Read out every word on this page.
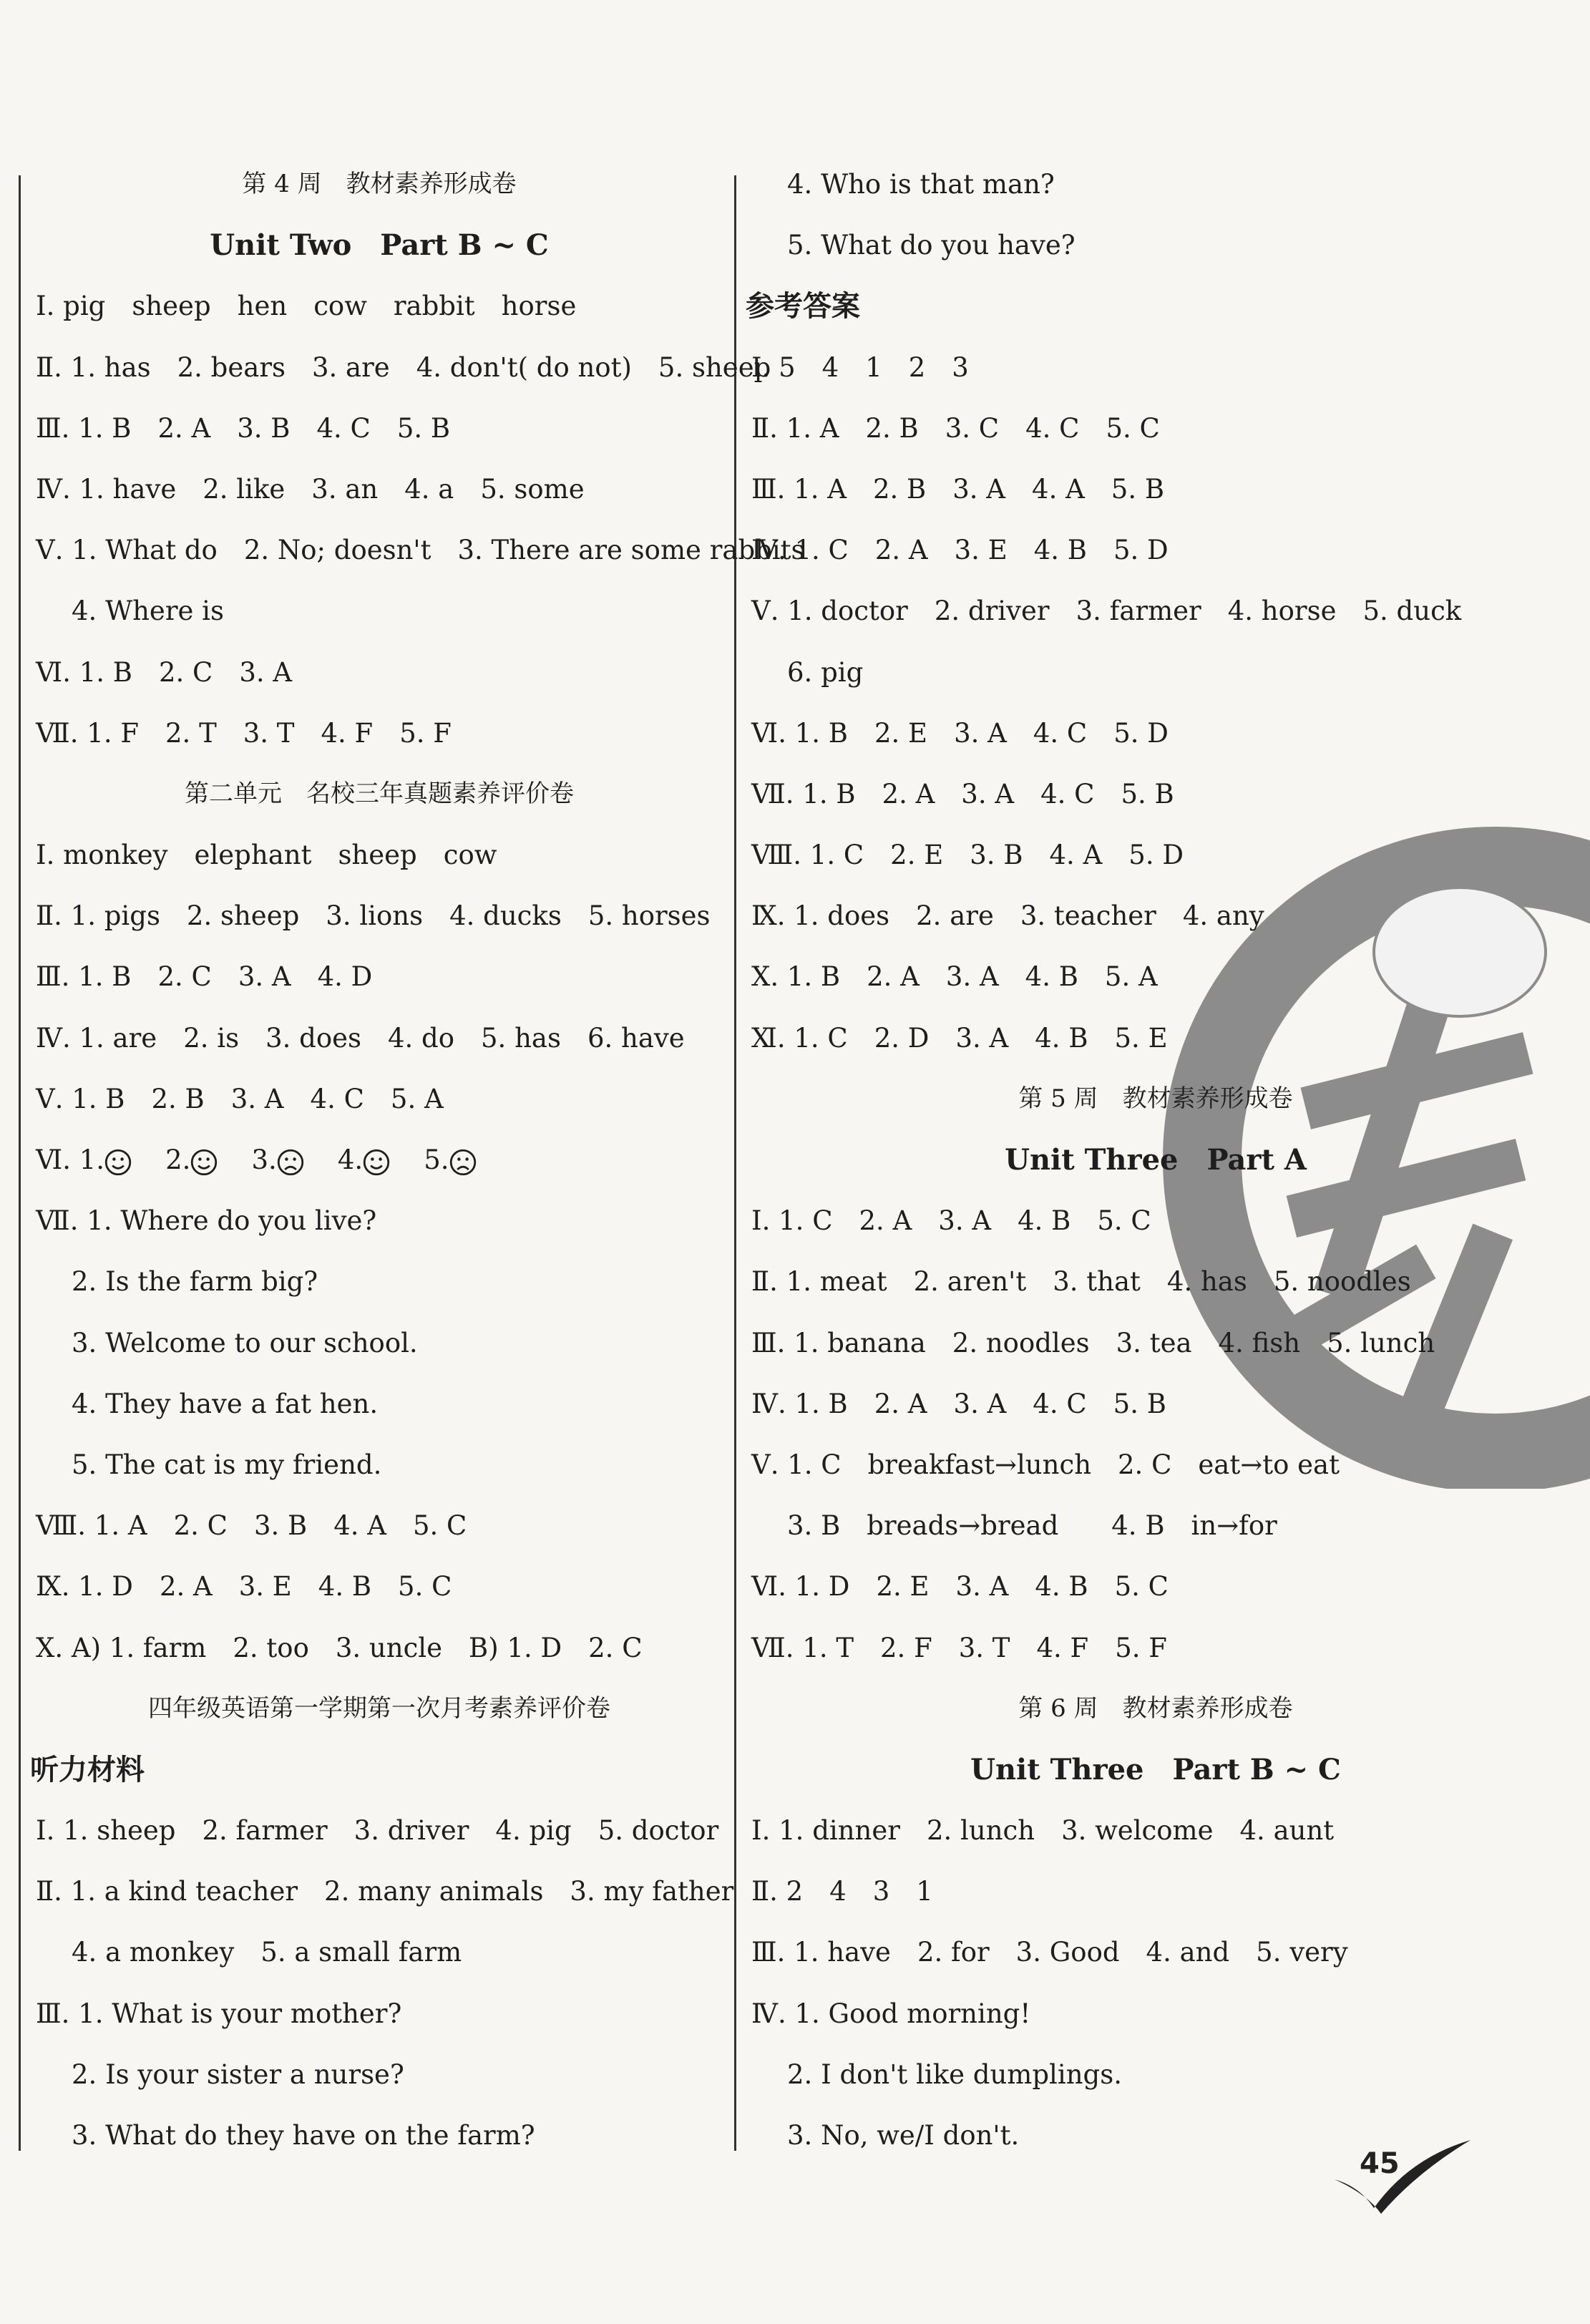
第 4 周　教材素养形成卷
Unit Two　Part B ~ C
Ⅰ. pig　sheep　hen　cow　rabbit　horse
Ⅱ. 1. has　2. bears　3. are　4. don't( do not)　5. sheep
Ⅲ. 1. B　2. A　3. B　4. C　5. B
Ⅳ. 1. have　2. like　3. an　4. a　5. some
Ⅴ. 1. What do　2. No; doesn't　3. There are some rabbits
4. Where is
Ⅵ. 1. B　2. C　3. A
Ⅶ. 1. F　2. T　3. T　4. F　5. F
第二单元　名校三年真题素养评价卷
Ⅰ. monkey　elephant　sheep　cow
Ⅱ. 1. pigs　2. sheep　3. lions　4. ducks　5. horses
Ⅲ. 1. B　2. C　3. A　4. D
Ⅳ. 1. are　2. is　3. does　4. do　5. has　6. have
Ⅴ. 1. B　2. B　3. A　4. C　5. A
Ⅵ. 1.    2.    3.    4.    5.
Ⅶ. 1. Where do you live?
2. Is the farm big?
3. Welcome to our school.
4. They have a fat hen.
5. The cat is my friend.
Ⅷ. 1. A　2. C　3. B　4. A　5. C
Ⅸ. 1. D　2. A　3. E　4. B　5. C
Ⅹ. A) 1. farm　2. too　3. uncle　B) 1. D　2. C
四年级英语第一学期第一次月考素养评价卷
听力材料
Ⅰ. 1. sheep　2. farmer　3. driver　4. pig　5. doctor
Ⅱ. 1. a kind teacher　2. many animals　3. my father
4. a monkey　5. a small farm
Ⅲ. 1. What is your mother?
2. Is your sister a nurse?
3. What do they have on the farm?
4. Who is that man?
5. What do you have?
参考答案
Ⅰ. 5　4　1　2　3
Ⅱ. 1. A　2. B　3. C　4. C　5. C
Ⅲ. 1. A　2. B　3. A　4. A　5. B
Ⅳ. 1. C　2. A　3. E　4. B　5. D
Ⅴ. 1. doctor　2. driver　3. farmer　4. horse　5. duck
6. pig
Ⅵ. 1. B　2. E　3. A　4. C　5. D
Ⅶ. 1. B　2. A　3. A　4. C　5. B
Ⅷ. 1. C　2. E　3. B　4. A　5. D
Ⅸ. 1. does　2. are　3. teacher　4. any
Ⅹ. 1. B　2. A　3. A　4. B　5. A
Ⅺ. 1. C　2. D　3. A　4. B　5. E
第 5 周　教材素养形成卷
Unit Three　Part A
Ⅰ. 1. C　2. A　3. A　4. B　5. C
Ⅱ. 1. meat　2. aren't　3. that　4. has　5. noodles
Ⅲ. 1. banana　2. noodles　3. tea　4. fish　5. lunch
Ⅳ. 1. B　2. A　3. A　4. C　5. B
Ⅴ. 1. C　breakfast→lunch　2. C　eat→to eat
3. B　breads→bread　　4. B　in→for
Ⅵ. 1. D　2. E　3. A　4. B　5. C
Ⅶ. 1. T　2. F　3. T　4. F　5. F
第 6 周　教材素养形成卷
Unit Three　Part B ~ C
Ⅰ. 1. dinner　2. lunch　3. welcome　4. aunt
Ⅱ. 2　4　3　1
Ⅲ. 1. have　2. for　3. Good　4. and　5. very
Ⅳ. 1. Good morning!
2. I don't like dumplings.
3. No, we/I don't.
45
